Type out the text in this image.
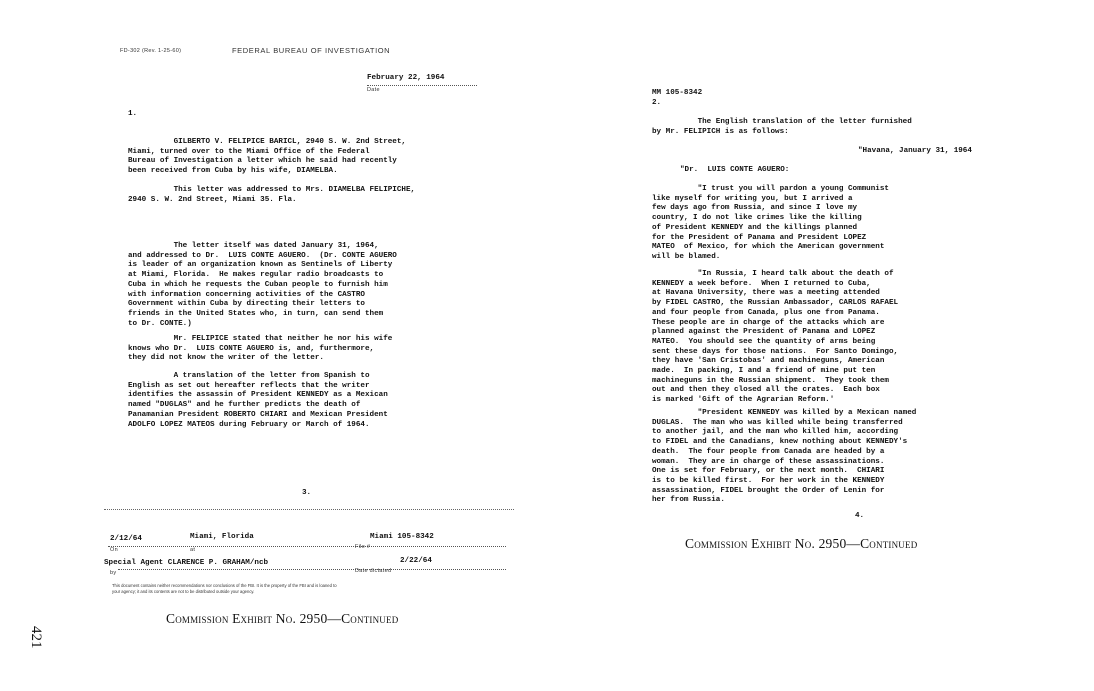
421
FD-302 (Rev. 1-25-60)	FEDERAL BUREAU OF INVESTIGATION
February 22, 1964
Date
1.
GILBERTO V. FELIPICE BARICL, 2940 S. W. 2nd Street,
Miami, turned over to the Miami Office of the Federal
Bureau of Investigation a letter which he said had recently
been received from Cuba by his wife, DIAMELBA.
This letter was addressed to Mrs. DIAMELBA FELIPICHE,
2940 S. W. 2nd Street, Miami 35. Fla.
The letter itself was dated January 31, 1964,
and addressed to Dr.  LUIS CONTE AGUERO.  (Dr. CONTE AGUERO
is leader of an organization known as Sentinels of Liberty
at Miami, Florida.  He makes regular radio broadcasts to
Cuba in which he requests the Cuban people to furnish him
with information concerning activities of the CASTRO
Government within Cuba by directing their letters to
friends in the United States who, in turn, can send them
to Dr. CONTE.)
Mr. FELIPICE stated that neither he nor his wife
knows who Dr.  LUIS CONTE AGUERO is, and, furthermore,
they did not know the writer of the letter.
A translation of the letter from Spanish to
English as set out hereafter reflects that the writer
identifies the assassin of President KENNEDY as a Mexican
named "DUGLAS" and he further predicts the death of
Panamanian President ROBERTO CHIARI and Mexican President
ADOLFO LOPEZ MATEOS during February or March of 1964.
3.
2/12/64	Miami, Florida	Miami 105-8342
On	at	File #
Special Agent CLARENCE P. GRAHAM/ncb	2/22/64
by	Date dictated
This document contains neither recommendations nor conclusions of the FBI. It is the property of the FBI and is loaned to
your agency; it and its contents are not to be distributed outside your agency.
Commission Exhibit No. 2950—Continued
MM 105-8342
2.
The English translation of the letter furnished
by Mr. FELIPICH is as follows:
"Havana, January 31, 1964
"Dr.  LUIS CONTE AGUERO:
"I trust you will pardon a young Communist
like myself for writing you, but I arrived a
few days ago from Russia, and since I love my
country, I do not like crimes like the killing
of President KENNEDY and the killings planned
for the President of Panama and President LOPEZ
MATEO  of Mexico, for which the American government
will be blamed.
"In Russia, I heard talk about the death of
KENNEDY a week before.  When I returned to Cuba,
at Havana University, there was a meeting attended
by FIDEL CASTRO, the Russian Ambassador, CARLOS RAFAEL
and four people from Canada, plus one from Panama.
These people are in charge of the attacks which are
planned against the President of Panama and LOPEZ
MATEO.  You should see the quantity of arms being
sent these days for those nations.  For Santo Domingo,
they have 'San Cristobas' and machineguns, American
made.  In packing, I and a friend of mine put ten
machineguns in the Russian shipment.  They took them
out and then they closed all the crates.  Each box
is marked 'Gift of the Agrarian Reform.'
"President KENNEDY was killed by a Mexican named
DUGLAS.  The man who was killed while being transferred
to another jail, and the man who killed him, according
to FIDEL and the Canadians, knew nothing about KENNEDY's
death.  The four people from Canada are headed by a
woman.  They are in charge of these assassinations.
One is set for February, or the next month.  CHIARI
is to be killed first.  For her work in the KENNEDY
assassination, FIDEL brought the Order of Lenin for
her from Russia.
4.
Commission Exhibit No. 2950—Continued
